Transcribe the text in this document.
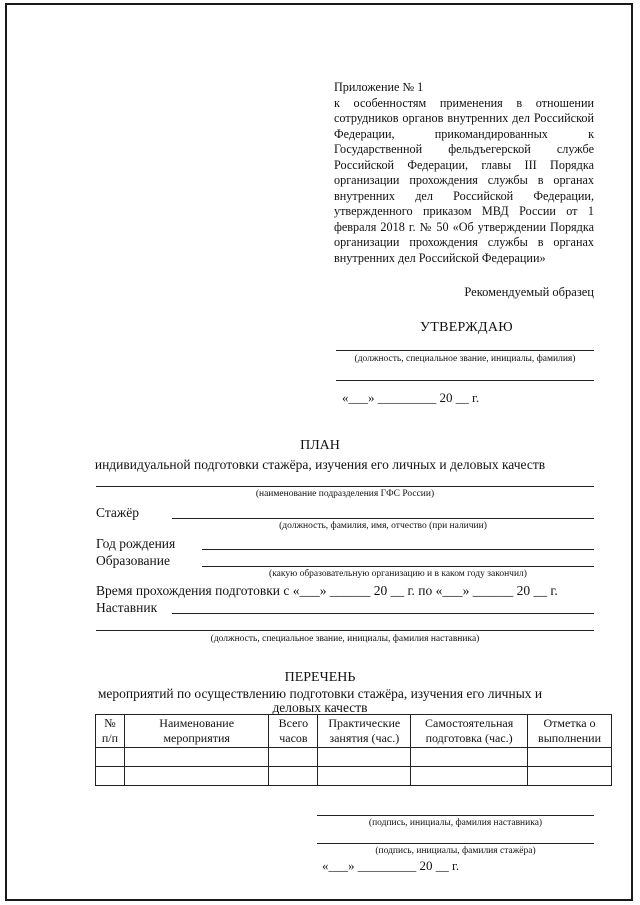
Приложение № 1

к особенностям применения в отношении сотрудников органов внутренних дел Российской Федерации, прикомандированных к Государственной фельдъегерской службе Российской Федерации, главы III Порядка организации прохождения службы в органах внутренних дел Российской Федерации, утвержденного приказом МВД России от 1 февраля 2018 г. № 50 «Об утверждении Порядка организации прохождения службы в органах внутренних дел Российской Федерации»

Рекомендуемый образец
УТВЕРЖДАЮ
(должность, специальное звание, инициалы, фамилия)
«___» _________ 20 __ г.
ПЛАН
индивидуальной подготовки стажёра, изучения его личных и деловых качеств
(наименование подразделения ГФС России)
Стажёр
(должность, фамилия, имя, отчество (при наличии)
Год рождения
Образование
(какую образовательную организацию и в каком году закончил)
Время прохождения подготовки с «___» ______ 20 __ г. по «___» ______ 20 __ г.
Наставник
(должность, специальное звание, инициалы, фамилия наставника)
ПЕРЕЧЕНЬ
мероприятий по осуществлению подготовки стажёра, изучения его личных и
деловых качеств
№ п/п	Наименование мероприятия	Всего часов	Практические занятия (час.)	Самостоятельная подготовка (час.)	Отметка о выполнении

(подпись, инициалы, фамилия наставника)
(подпись, инициалы, фамилия стажёра)
«___» _________ 20 __ г.
